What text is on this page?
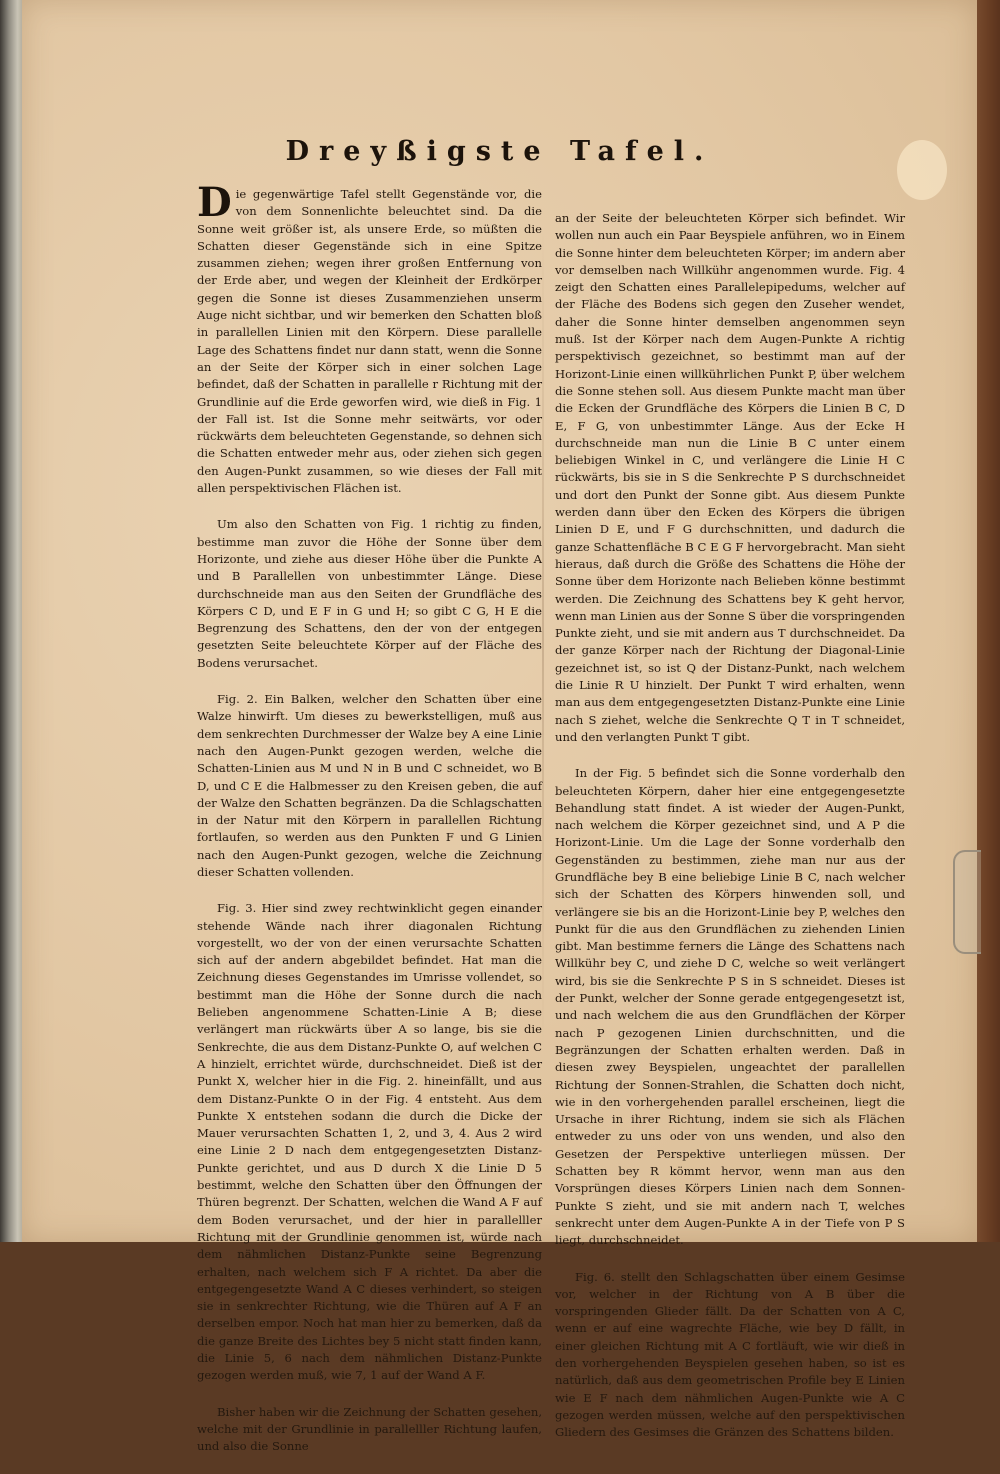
Dreyßigste Tafel.

Die gegenwärtige Tafel stellt Gegenstände vor, die von dem Sonnenlichte beleuchtet sind. Da die Sonne weit größer ist, als unsere Erde, so müßten die Schatten dieser Gegenstände sich in eine Spitze zusammen ziehen; wegen ihrer großen Entfernung von der Erde aber, und wegen der Kleinheit der Erdkörper gegen die Sonne ist dieses Zusammenziehen unserm Auge nicht sichtbar, und wir bemerken den Schatten bloß in parallellen Linien mit den Körpern. Diese parallelle Lage des Schattens findet nur dann statt, wenn die Sonne an der Seite der Körper sich in einer solchen Lage befindet, daß der Schatten in parallelle r Richtung mit der Grundlinie auf die Erde geworfen wird, wie dieß in Fig. 1 der Fall ist. Ist die Sonne mehr seitwärts, vor oder rückwärts dem beleuchteten Gegenstande, so dehnen sich die Schatten entweder mehr aus, oder ziehen sich gegen den Augen-Punkt zusammen, so wie dieses der Fall mit allen perspektivischen Flächen ist.

Um also den Schatten von Fig. 1 richtig zu finden, bestimme man zuvor die Höhe der Sonne über dem Horizonte, und ziehe aus dieser Höhe über die Punkte A und B Parallellen von unbestimmter Länge. Diese durchschneide man aus den Seiten der Grundfläche des Körpers C D, und E F in G und H; so gibt C G, H E die Begrenzung des Schattens, den der von der entgegen gesetzten Seite beleuchtete Körper auf der Fläche des Bodens verursachet.

Fig. 2. Ein Balken, welcher den Schatten über eine Walze hinwirft. Um dieses zu bewerkstelligen, muß aus dem senkrechten Durchmesser der Walze bey A eine Linie nach den Augen-Punkt gezogen werden, welche die Schatten-Linien aus M und N in B und C schneidet, wo B D, und C E die Halbmesser zu den Kreisen geben, die auf der Walze den Schatten begränzen. Da die Schlagschatten in der Natur mit den Körpern in parallellen Richtung fortlaufen, so werden aus den Punkten F und G Linien nach den Augen-Punkt gezogen, welche die Zeichnung dieser Schatten vollenden.

Fig. 3. Hier sind zwey rechtwinklicht gegen einander stehende Wände nach ihrer diagonalen Richtung vorgestellt, wo der von der einen verursachte Schatten sich auf der andern abgebildet befindet. Hat man die Zeichnung dieses Gegenstandes im Umrisse vollendet, so bestimmt man die Höhe der Sonne durch die nach Belieben angenommene Schatten-Linie A B; diese verlängert man rückwärts über A so lange, bis sie die Senkrechte, die aus dem Distanz-Punkte O, auf welchen C A hinzielt, errichtet würde, durchschneidet. Dieß ist der Punkt X, welcher hier in die Fig. 2. hineinfällt, und aus dem Distanz-Punkte O in der Fig. 4 entsteht. Aus dem Punkte X entstehen sodann die durch die Dicke der Mauer verursachten Schatten 1, 2, und 3, 4. Aus 2 wird eine Linie 2 D nach dem entgegengesetzten Distanz-Punkte gerichtet, und aus D durch X die Linie D 5 bestimmt, welche den Schatten über den Öffnungen der Thüren begrenzt. Der Schatten, welchen die Wand A F auf dem Boden verursachet, und der hier in parallelller Richtung mit der Grundlinie genommen ist, würde nach dem nähmlichen Distanz-Punkte seine Begrenzung erhalten, nach welchem sich F A richtet. Da aber die entgegengesetzte Wand A C dieses verhindert, so steigen sie in senkrechter Richtung, wie die Thüren auf A F an derselben empor. Noch hat man hier zu bemerken, daß da die ganze Breite des Lichtes bey 5 nicht statt finden kann, die Linie 5, 6 nach dem nähmlichen Distanz-Punkte gezogen werden muß, wie 7, 1 auf der Wand A F.

Bisher haben wir die Zeichnung der Schatten gesehen, welche mit der Grundlinie in parallelller Richtung laufen, und also die Sonne

an der Seite der beleuchteten Körper sich befindet. Wir wollen nun auch ein Paar Beyspiele anführen, wo in Einem die Sonne hinter dem beleuchteten Körper; im andern aber vor demselben nach Willkühr angenommen wurde. Fig. 4 zeigt den Schatten eines Parallelepipedums, welcher auf der Fläche des Bodens sich gegen den Zuseher wendet, daher die Sonne hinter demselben angenommen seyn muß. Ist der Körper nach dem Augen-Punkte A richtig perspektivisch gezeichnet, so bestimmt man auf der Horizont-Linie einen willkührlichen Punkt P, über welchem die Sonne stehen soll. Aus diesem Punkte macht man über die Ecken der Grundfläche des Körpers die Linien B C, D E, F G, von unbestimmter Länge. Aus der Ecke H durchschneide man nun die Linie B C unter einem beliebigen Winkel in C, und verlängere die Linie H C rückwärts, bis sie in S die Senkrechte P S durchschneidet und dort den Punkt der Sonne gibt. Aus diesem Punkte werden dann über den Ecken des Körpers die übrigen Linien D E, und F G durchschnitten, und dadurch die ganze Schattenfläche B C E G F hervorgebracht. Man sieht hieraus, daß durch die Größe des Schattens die Höhe der Sonne über dem Horizonte nach Belieben könne bestimmt werden. Die Zeichnung des Schattens bey K geht hervor, wenn man Linien aus der Sonne S über die vorspringenden Punkte zieht, und sie mit andern aus T durchschneidet. Da der ganze Körper nach der Richtung der Diagonal-Linie gezeichnet ist, so ist Q der Distanz-Punkt, nach welchem die Linie R U hinzielt. Der Punkt T wird erhalten, wenn man aus dem entgegengesetzten Distanz-Punkte eine Linie nach S ziehet, welche die Senkrechte Q T in T schneidet, und den verlangten Punkt T gibt.

In der Fig. 5 befindet sich die Sonne vorderhalb den beleuchteten Körpern, daher hier eine entgegengesetzte Behandlung statt findet. A ist wieder der Augen-Punkt, nach welchem die Körper gezeichnet sind, und A P die Horizont-Linie. Um die Lage der Sonne vorderhalb den Gegenständen zu bestimmen, ziehe man nur aus der Grundfläche bey B eine beliebige Linie B C, nach welcher sich der Schatten des Körpers hinwenden soll, und verlängere sie bis an die Horizont-Linie bey P, welches den Punkt für die aus den Grundflächen zu ziehenden Linien gibt. Man bestimme ferners die Länge des Schattens nach Willkühr bey C, und ziehe D C, welche so weit verlängert wird, bis sie die Senkrechte P S in S schneidet. Dieses ist der Punkt, welcher der Sonne gerade entgegengesetzt ist, und nach welchem die aus den Grundflächen der Körper nach P gezogenen Linien durchschnitten, und die Begränzungen der Schatten erhalten werden. Daß in diesen zwey Beyspielen, ungeachtet der parallellen Richtung der Sonnen-Strahlen, die Schatten doch nicht, wie in den vorhergehenden parallel erscheinen, liegt die Ursache in ihrer Richtung, indem sie sich als Flächen entweder zu uns oder von uns wenden, und also den Gesetzen der Perspektive unterliegen müssen. Der Schatten bey R kömmt hervor, wenn man aus den Vorsprüngen dieses Körpers Linien nach dem Sonnen-Punkte S zieht, und sie mit andern nach T, welches senkrecht unter dem Augen-Punkte A in der Tiefe von P S liegt, durchschneidet.

Fig. 6. stellt den Schlagschatten über einem Gesimse vor, welcher in der Richtung von A B über die vorspringenden Glieder fällt. Da der Schatten von A C, wenn er auf eine wagrechte Fläche, wie bey D fällt, in einer gleichen Richtung mit A C fortläuft, wie wir dieß in den vorhergehenden Beyspielen gesehen haben, so ist es natürlich, daß aus dem geometrischen Profile bey E Linien wie E F nach dem nähmlichen Augen-Punkte wie A C gezogen werden müssen, welche auf den perspektivischen Gliedern des Gesimses die Gränzen des Schattens bilden.
